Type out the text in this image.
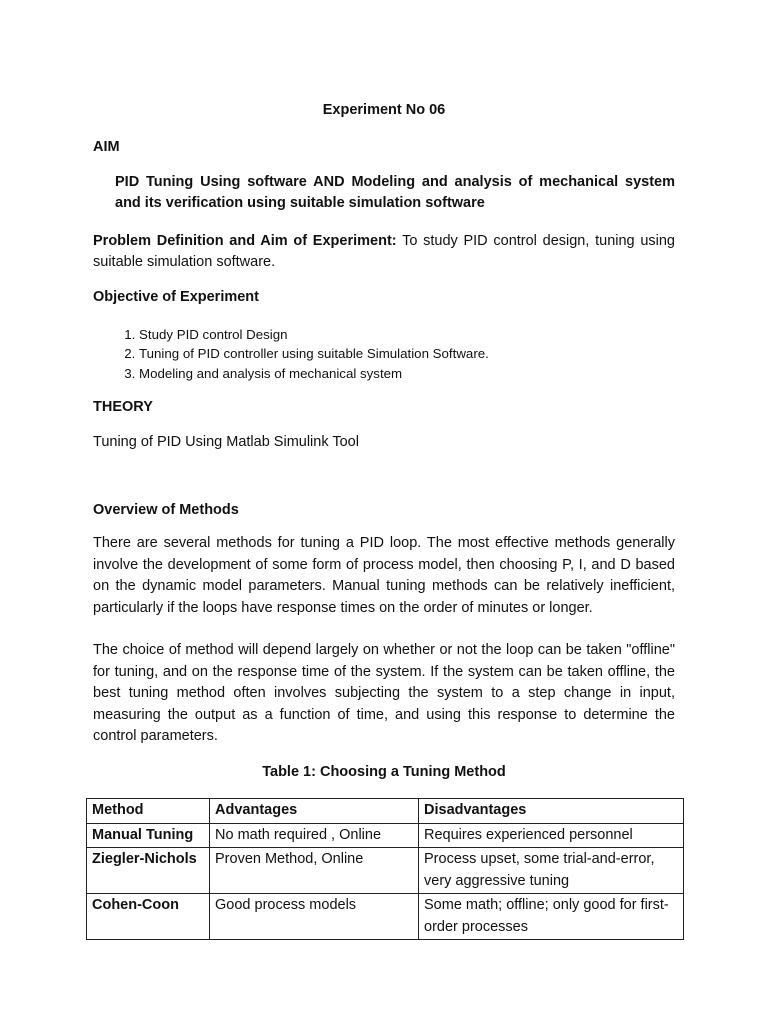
Experiment No 06
AIM
PID Tuning Using software AND Modeling and analysis of mechanical system and its verification using suitable simulation software
Problem Definition and Aim of Experiment: To study PID control design, tuning using suitable simulation software.
Objective of Experiment
1. Study PID control Design
2. Tuning of PID controller using suitable Simulation Software.
3. Modeling and analysis of mechanical system
THEORY
Tuning of PID Using Matlab Simulink Tool
Overview of Methods

There are several methods for tuning a PID loop. The most effective methods generally involve the development of some form of process model, then choosing P, I, and D based on the dynamic model parameters. Manual tuning methods can be relatively inefficient, particularly if the loops have response times on the order of minutes or longer.

The choice of method will depend largely on whether or not the loop can be taken "offline" for tuning, and on the response time of the system. If the system can be taken offline, the best tuning method often involves subjecting the system to a step change in input, measuring the output as a function of time, and using this response to determine the control parameters.

Table 1: Choosing a Tuning Method
Method	Advantages	Disadvantages
Manual Tuning	No math required , Online	Requires experienced personnel
Ziegler-Nichols	Proven Method, Online	Process upset, some trial-and-error, very aggressive tuning
Cohen-Coon	Good process models	Some math; offline; only good for first-order processes
